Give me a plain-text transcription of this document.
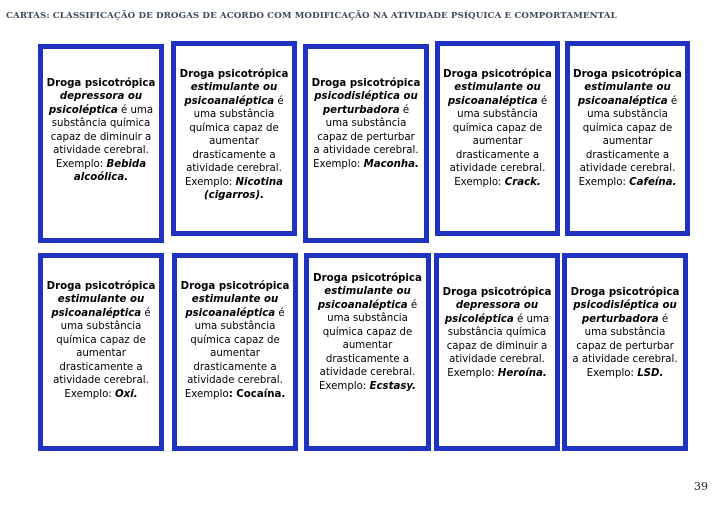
CARTAS: CLASSIFICAÇÃO DE DROGAS DE ACORDO COM MODIFICAÇÃO NA ATIVIDADE PSÍQUICA E COMPORTAMENTAL
Droga psicotrópica
depressora ou
psicoléptica é uma
substância química
capaz de diminuir a
atividade cerebral.
Exemplo: Bebida
alcoólica.
Droga psicotrópica
estimulante ou
psicoanaléptica é
uma substância
química capaz de
aumentar
drasticamente a
atividade cerebral.
Exemplo: Nicotina
(cigarros).
Droga psicotrópica
psicodisléptica ou
perturbadora é
uma substância
capaz de perturbar
a atividade cerebral.
Exemplo: Maconha.
Droga psicotrópica
estimulante ou
psicoanaléptica é
uma substância
química capaz de
aumentar
drasticamente a
atividade cerebral.
Exemplo: Crack.
Droga psicotrópica
estimulante ou
psicoanaléptica é
uma substância
química capaz de
aumentar
drasticamente a
atividade cerebral.
Exemplo: Cafeína.
Droga psicotrópica
estimulante ou
psicoanaléptica é
uma substância
química capaz de
aumentar
drasticamente a
atividade cerebral.
Exemplo: Oxi.
Droga psicotrópica
estimulante ou
psicoanaléptica é
uma substância
química capaz de
aumentar
drasticamente a
atividade cerebral.
Exemplo: Cocaína.
Droga psicotrópica
estimulante ou
psicoanaléptica é
uma substância
química capaz de
aumentar
drasticamente a
atividade cerebral.
Exemplo: Ecstasy.
Droga psicotrópica
depressora ou
psicoléptica é uma
substância química
capaz de diminuir a
atividade cerebral.
Exemplo: Heroína.
Droga psicotrópica
psicodisléptica ou
perturbadora é
uma substância
capaz de perturbar
a atividade cerebral.
Exemplo: LSD.
39
